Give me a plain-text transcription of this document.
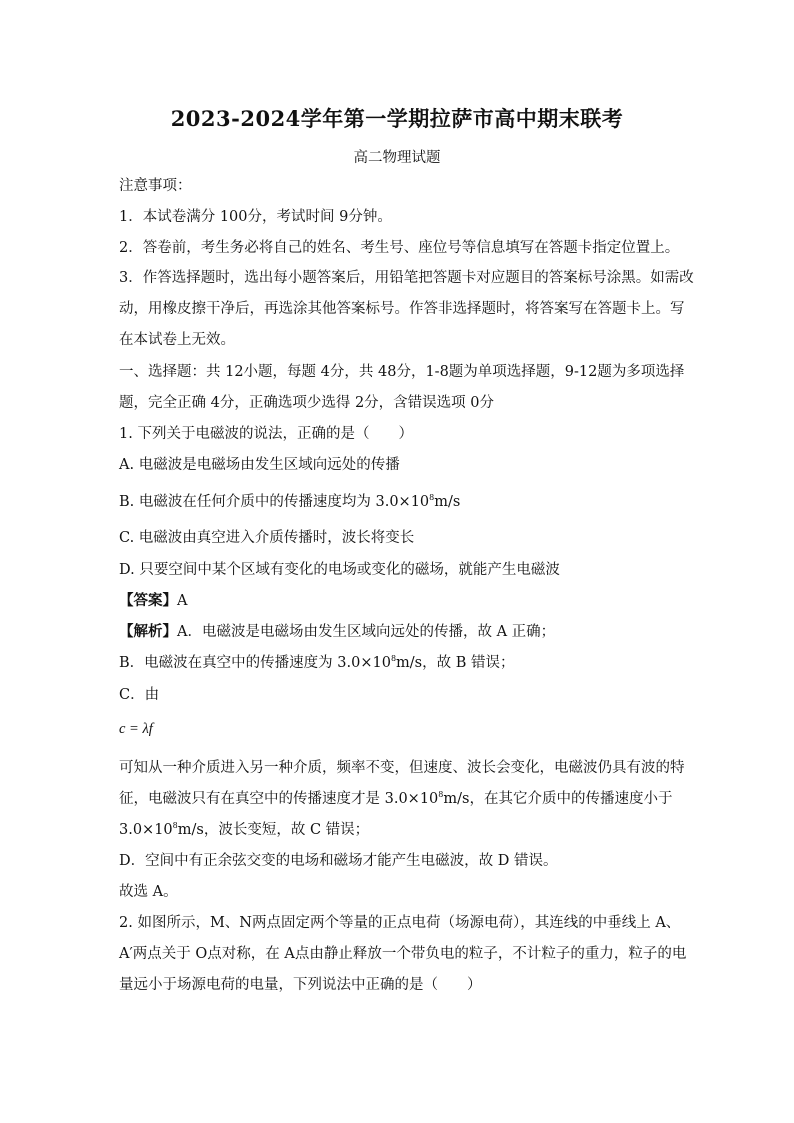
2023-2024学年第一学期拉萨市高中期末联考
高二物理试题
注意事项：
1．本试卷满分 100分，考试时间 9分钟。
2．答卷前，考生务必将自己的姓名、考生号、座位号等信息填写在答题卡指定位置上。
3．作答选择题时，选出每小题答案后，用铅笔把答题卡对应题目的答案标号涂黑。如需改
动，用橡皮擦干净后，再选涂其他答案标号。作答非选择题时，将答案写在答题卡上。写
在本试卷上无效。
一、选择题：共 12小题，每题 4分，共 48分，1-8题为单项选择题，9-12题为多项选择
题，完全正确 4分，正确选项少选得 2分，含错误选项 0分
1. 下列关于电磁波的说法，正确的是（　　）
A. 电磁波是电磁场由发生区域向远处的传播
B. 电磁波在任何介质中的传播速度均为 $3.0\times 10^8m/s$
C. 电磁波由真空进入介质传播时，波长将变长
D. 只要空间中某个区域有变化的电场或变化的磁场，就能产生电磁波
【答案】A
【解析】A．电磁波是电磁场由发生区域向远处的传播，故 A 正确；
B．电磁波在真空中的传播速度为 $3.0\times 10^8m/s$，故 B 错误；
C．由
c = λf
可知从一种介质进入另一种介质，频率不变，但速度、波长会变化，电磁波仍具有波的特
征，电磁波只有在真空中的传播速度才是 $3.0\times 10^8m/s$，在其它介质中的传播速度小于
$3.0\times 10^8m/s$，波长变短，故 C 错误；
D．空间中有正余弦交变的电场和磁场才能产生电磁波，故 D 错误。
故选 A。
2. 如图所示，M、N两点固定两个等量的正点电荷（场源电荷），其连线的中垂线上 A、
A′两点关于 O点对称，在 A点由静止释放一个带负电的粒子，不计粒子的重力，粒子的电
量远小于场源电荷的电量，下列说法中正确的是（　　）
